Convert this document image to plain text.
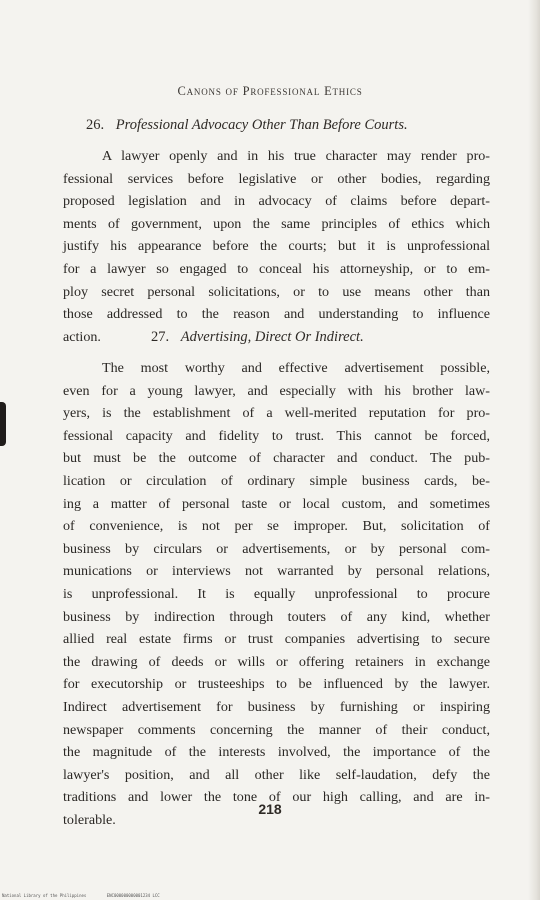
Canons of Professional Ethics
26. Professional Advocacy Other Than Before Courts.
A lawyer openly and in his true character may render pro-
fessional services before legislative or other bodies, regarding
proposed legislation and in advocacy of claims before depart-
ments of government, upon the same principles of ethics which
justify his appearance before the courts; but it is unprofessional
for a lawyer so engaged to conceal his attorneyship, or to em-
ploy secret personal solicitations, or to use means other than
those addressed to the reason and understanding to influence
action.	27. Advertising, Direct Or Indirect.
The most worthy and effective advertisement possible,
even for a young lawyer, and especially with his brother law-
yers, is the establishment of a well-merited reputation for pro-
fessional capacity and fidelity to trust. This cannot be forced,
but must be the outcome of character and conduct. The pub-
lication or circulation of ordinary simple business cards, be-
ing a matter of personal taste or local custom, and sometimes
of convenience, is not per se improper. But, solicitation of
business by circulars or advertisements, or by personal com-
munications or interviews not warranted by personal relations,
is unprofessional. It is equally unprofessional to procure
business by indirection through touters of any kind, whether
allied real estate firms or trust companies advertising to secure
the drawing of deeds or wills or offering retainers in exchange
for executorship or trusteeships to be influenced by the lawyer.
Indirect advertisement for business by furnishing or inspiring
newspaper comments concerning the manner of their conduct,
the magnitude of the interests involved, the importance of the
lawyer's position, and all other like self-laudation, defy the
traditions and lower the tone of our high calling, and are in-
tolerable.
218
National Library of the Philippines	ENC000000000001234 LCC
